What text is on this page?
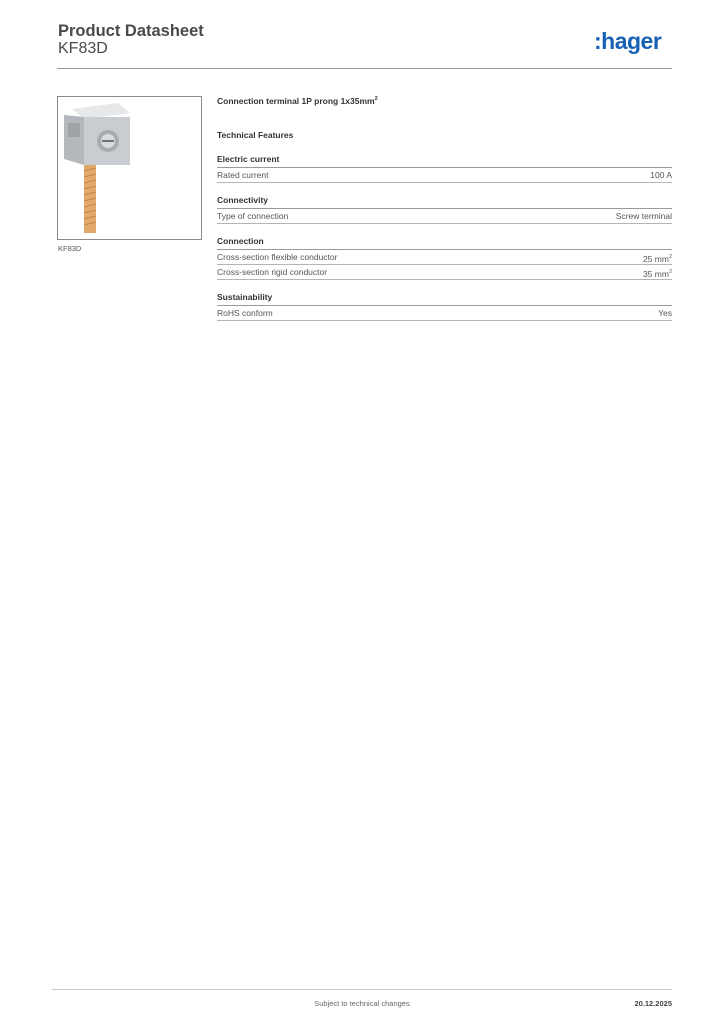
Product Datasheet
KF83D	:hager
KF83D
Connection terminal 1P prong $1x35mm^2$
Technical Features
Electric current
Rated current	100 A
Connectivity
Type of connection	Screw terminal
Connection
Cross-section flexible conductor	25 $mm^2$
Cross-section rigid conductor	35 $mm^2$
Sustainability
RoHS conform	Yes
Subject to technical changes	20.12.2025
